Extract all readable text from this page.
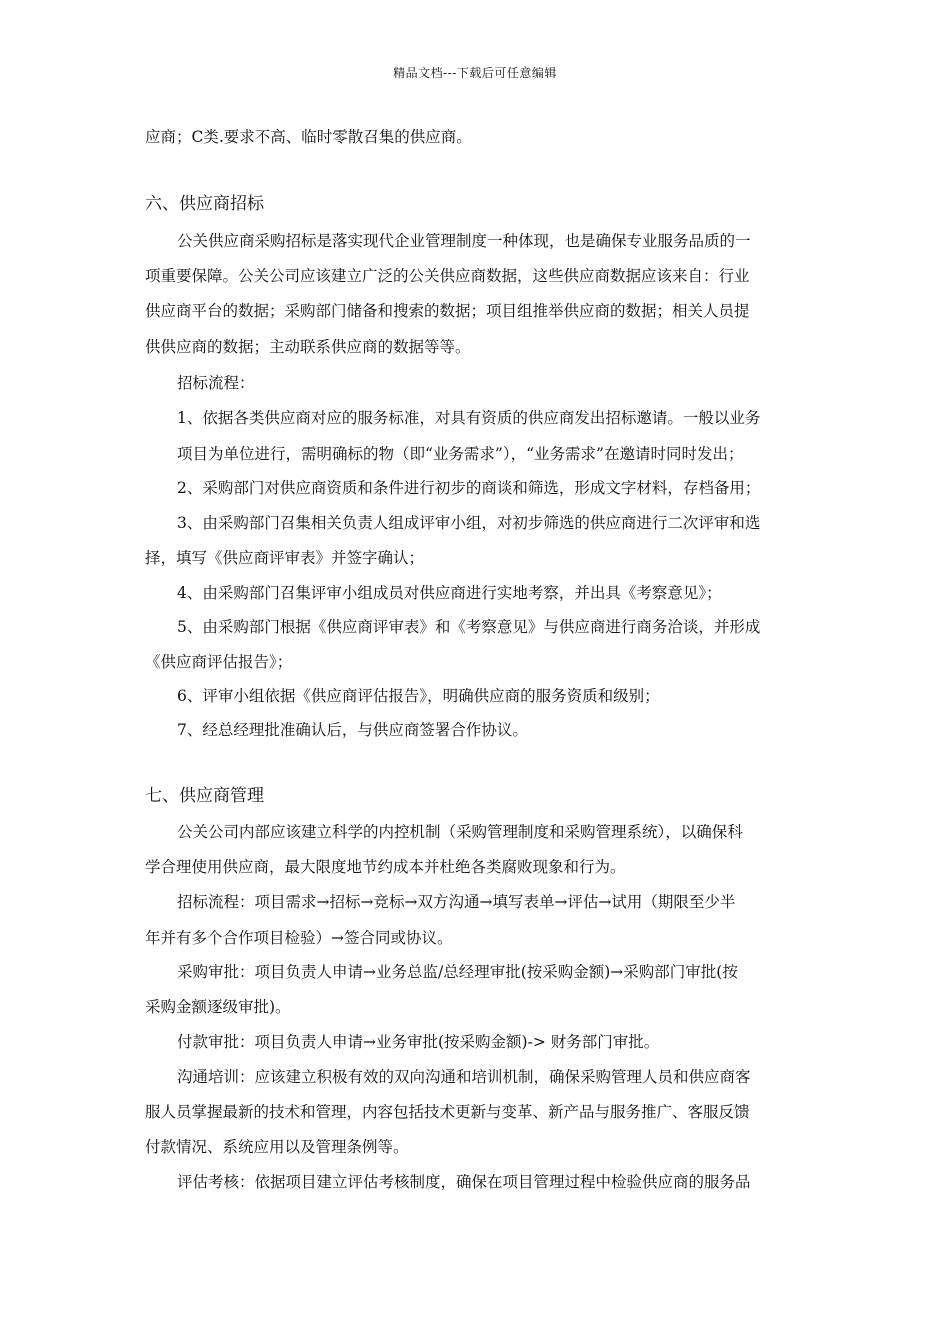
精品文档---下载后可任意编辑
应商；C类.要求不高、临时零散召集的供应商。
六、供应商招标
公关供应商采购招标是落实现代企业管理制度一种体现，也是确保专业服务品质的一
项重要保障。公关公司应该建立广泛的公关供应商数据，这些供应商数据应该来自：行业
供应商平台的数据；采购部门储备和搜索的数据；项目组推举供应商的数据；相关人员提
供供应商的数据；主动联系供应商的数据等等。
招标流程：
1、依据各类供应商对应的服务标准，对具有资质的供应商发出招标邀请。一般以业务
项目为单位进行，需明确标的物（即“业务需求”），“业务需求”在邀请时同时发出；
2、采购部门对供应商资质和条件进行初步的商谈和筛选，形成文字材料，存档备用；
3、由采购部门召集相关负责人组成评审小组，对初步筛选的供应商进行二次评审和选
择，填写《供应商评审表》并签字确认；
4、由采购部门召集评审小组成员对供应商进行实地考察，并出具《考察意见》；
5、由采购部门根据《供应商评审表》和《考察意见》与供应商进行商务洽谈，并形成
《供应商评估报告》；
6、评审小组依据《供应商评估报告》，明确供应商的服务资质和级别；
7、经总经理批准确认后，与供应商签署合作协议。
七、供应商管理
公关公司内部应该建立科学的内控机制（采购管理制度和采购管理系统），以确保科
学合理使用供应商，最大限度地节约成本并杜绝各类腐败现象和行为。
招标流程：项目需求→招标→竞标→双方沟通→填写表单→评估→试用（期限至少半
年并有多个合作项目检验）→签合同或协议。
采购审批：项目负责人申请→业务总监/总经理审批(按采购金额)→采购部门审批(按
采购金额逐级审批)。
付款审批：项目负责人申请→业务审批(按采购金额)-> 财务部门审批。
沟通培训：应该建立积极有效的双向沟通和培训机制，确保采购管理人员和供应商客
服人员掌握最新的技术和管理，内容包括技术更新与变革、新产品与服务推广、客服反馈
付款情况、系统应用以及管理条例等。
评估考核：依据项目建立评估考核制度，确保在项目管理过程中检验供应商的服务品
